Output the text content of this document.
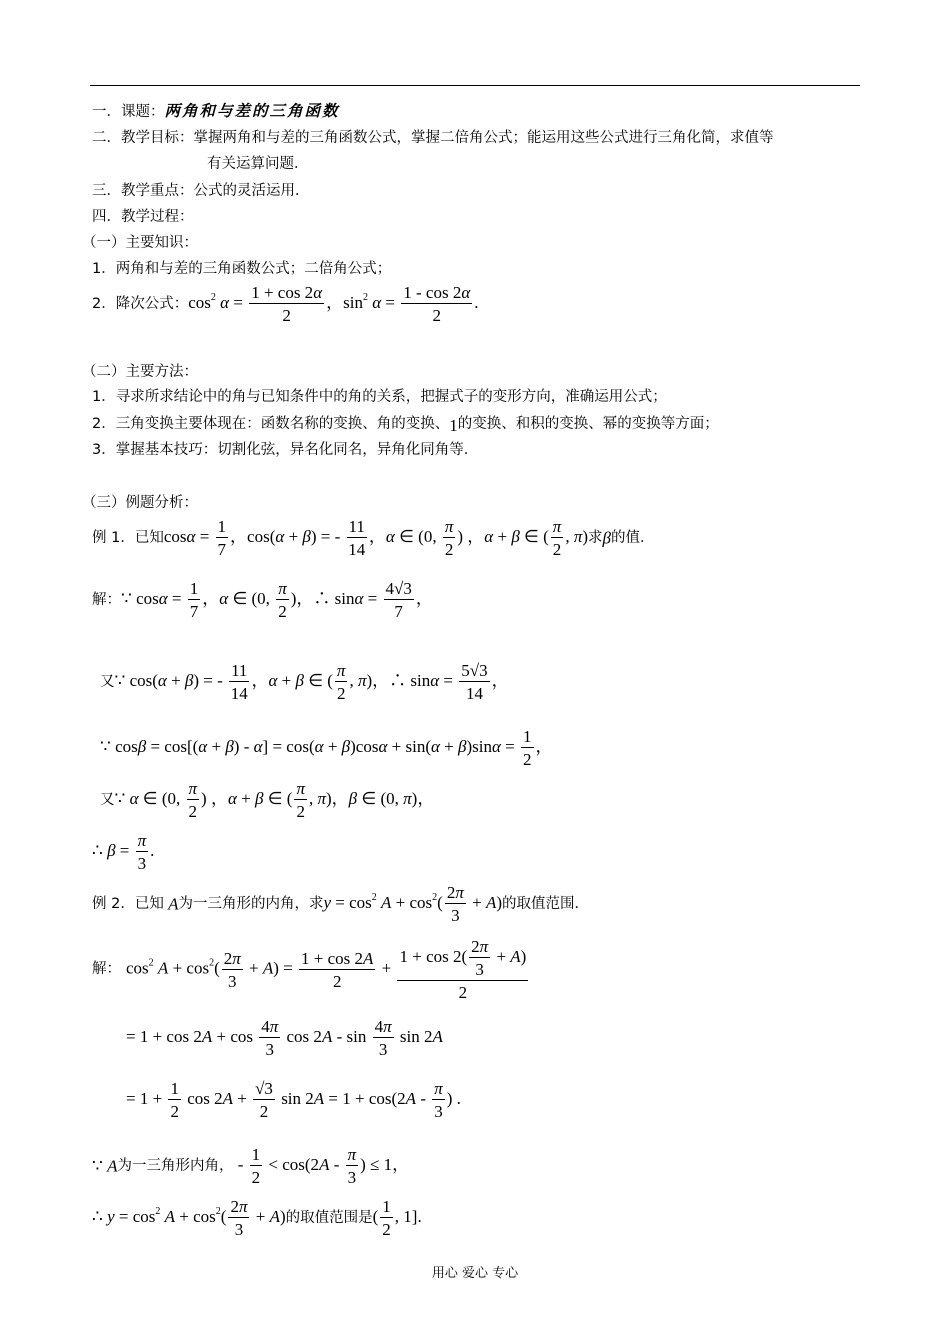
一．课题：两角和与差的三角函数
二．教学目标：掌握两角和与差的三角函数公式，掌握二倍角公式；能运用这些公式进行三角化简，求值等
有关运算问题．
三．教学重点：公式的灵活运用．
四．教学过程：
（一）主要知识：
1．两角和与差的三角函数公式；二倍角公式；
2．降次公式：$\cos^2 \alpha = \frac{1 + \cos 2\alpha}{2}$ ，$\sin^2 \alpha = \frac{1 - \cos 2\alpha}{2}$ .
（二）主要方法：
1．寻求所求结论中的角与已知条件中的角的关系，把握式子的变形方向，准确运用公式；
2．三角变换主要体现在：函数名称的变换、角的变换、1的变换、和积的变换、幂的变换等方面；
3．掌握基本技巧：切割化弦，异名化同名，异角化同角等．
（三）例题分析：
例 1．已知$\cos\alpha = \frac{1}{7}$ ，cos(α + β) = - $\frac{11}{14}$ ，α ∈ (0, $\frac{\pi}{2}$ ) ，α + β ∈ ( $\frac{\pi}{2}$ , π)求β的值．
解：∵ $\cos\alpha = \frac{1}{7}$ ，α ∈ (0, $\frac{\pi}{2}$ )，∴ $\sin\alpha = \frac{4√3}{7}$ ，
又∵ cos(α + β) = - $\frac{11}{14}$ ，α + β ∈ ( $\frac{\pi}{2}$ , π)，∴ $\sin\alpha = \frac{5√3}{14}$ ，
∵ $\cos\beta = \cos[(\alpha + \beta) - \alpha] = \cos(\alpha + \beta)\cos\alpha + \sin(\alpha + \beta)\sin\alpha = \frac{1}{2}$ ，
又∵ α ∈ (0, $\frac{\pi}{2}$ ) ，α + β ∈ ( $\frac{\pi}{2}$ , π)，β ∈ (0, π)，
∴ $\beta = \frac{\pi}{3}$ .
例 2．已知 A为一三角形的内角，求$y = \cos^2 A + \cos^2( \frac{2\pi}{3} + A)$的取值范围．
解： $\cos^2 A + \cos^2( \frac{2\pi}{3} + A) = \frac{1 + \cos 2A}{2} + \frac{1 + \cos 2( \frac{2\pi}{3} + A)}{2}$
= $1 + \cos 2A + \cos \frac{4\pi}{3}$ $\cos 2A - \sin \frac{4\pi}{3}$ sin 2A
= $1 + \frac{1}{2}$ $\cos 2A + \frac{√3}{2}$ $\sin 2A = 1 + \cos(2A - \frac{\pi}{3}$ ) .
∵ A为一三角形内角， - $\frac{1}{2} < \cos(2A - \frac{\pi}{3}$ ) ≤ 1，
∴ $y = \cos^2 A + \cos^2( \frac{2\pi}{3} + A)$的取值范围是( $\frac{1}{2}$ , 1].
用心 爱心 专心
